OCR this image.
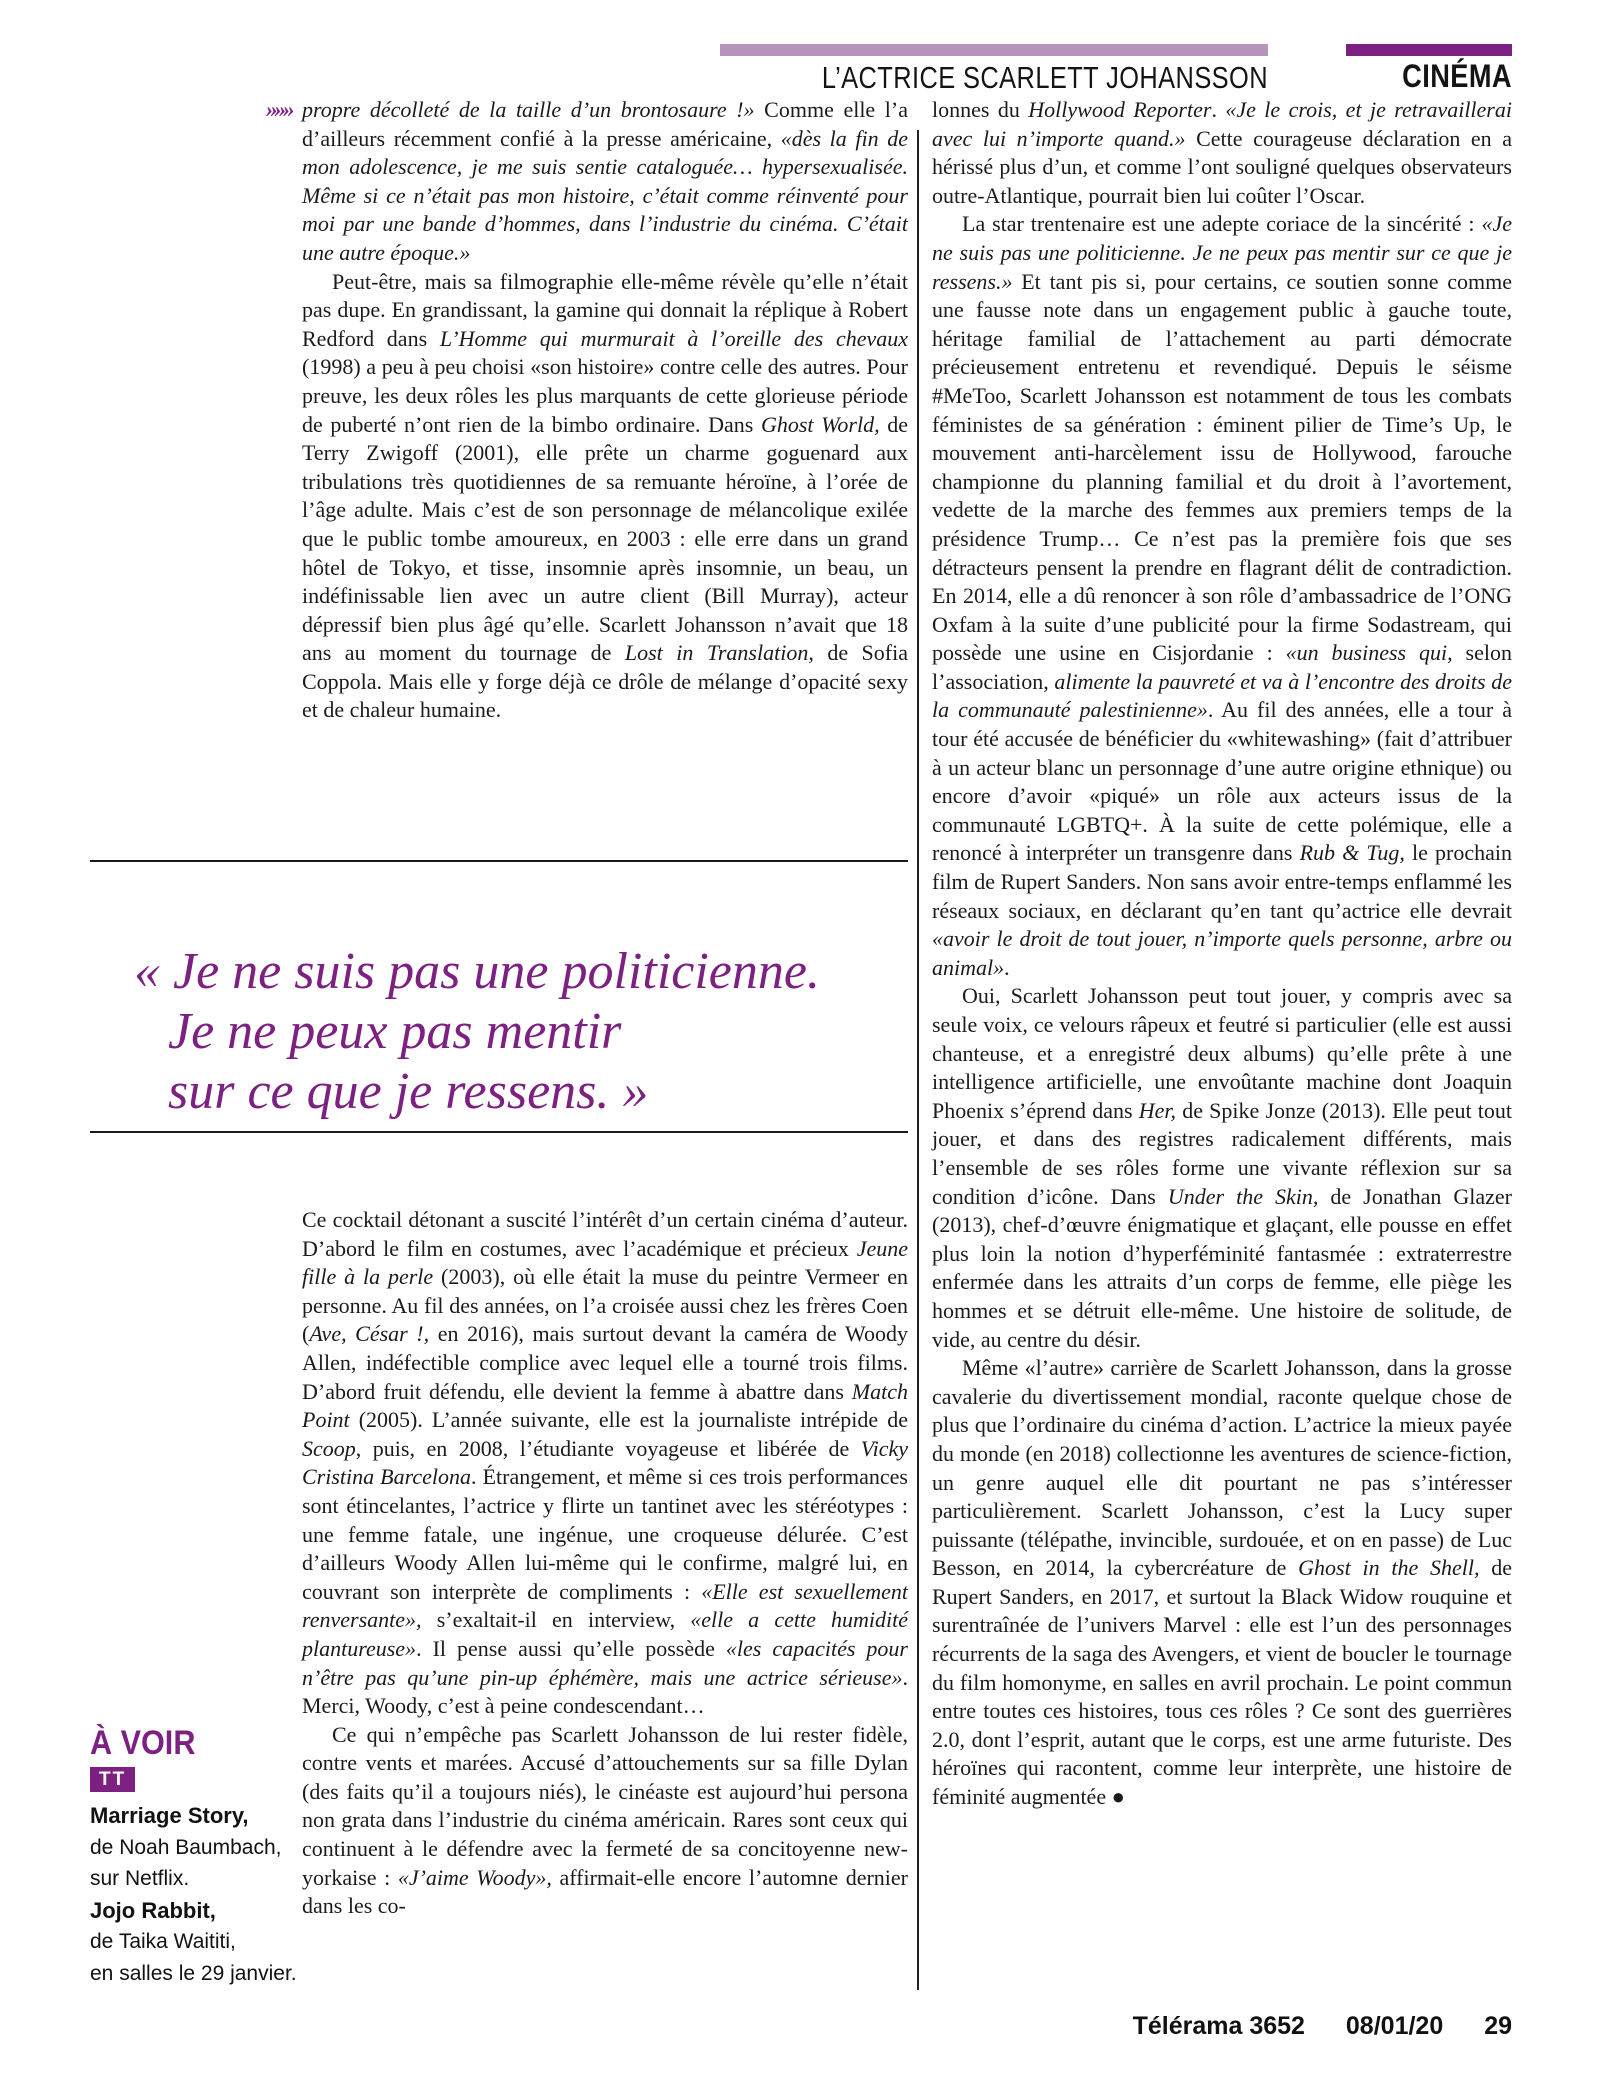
L’ACTRICE SCARLETT JOHANSSON	CINÉMA

»»» propre décolleté de la taille d’un brontosaure !» Comme elle l’a d’ailleurs récemment confié à la presse américaine, «dès la fin de mon adolescence, je me suis sentie cataloguée… hypersexualisée. Même si ce n’était pas mon histoire, c’était comme réinventé pour moi par une bande d’hommes, dans l’industrie du cinéma. C’était une autre époque.»

Peut-être, mais sa filmographie elle-même révèle qu’elle n’était pas dupe. En grandissant, la gamine qui donnait la réplique à Robert Redford dans L’Homme qui murmurait à l’oreille des chevaux (1998) a peu à peu choisi «son histoire» contre celle des autres. Pour preuve, les deux rôles les plus marquants de cette glorieuse période de puberté n’ont rien de la bimbo ordinaire. Dans Ghost World, de Terry Zwigoff (2001), elle prête un charme goguenard aux tribulations très quotidiennes de sa remuante héroïne, à l’orée de l’âge adulte. Mais c’est de son personnage de mélancolique exilée que le public tombe amoureux, en 2003 : elle erre dans un grand hôtel de Tokyo, et tisse, insomnie après insomnie, un beau, un indéfinissable lien avec un autre client (Bill Murray), acteur dépressif bien plus âgé qu’elle. Scarlett Johansson n’avait que 18 ans au moment du tournage de Lost in Translation, de Sofia Coppola. Mais elle y forge déjà ce drôle de mélange d’opacité sexy et de chaleur humaine.

« Je ne suis pas une politicienne.
Je ne peux pas mentir
sur ce que je ressens. »

Ce cocktail détonant a suscité l’intérêt d’un certain cinéma d’auteur. D’abord le film en costumes, avec l’académique et précieux Jeune fille à la perle (2003), où elle était la muse du peintre Vermeer en personne. Au fil des années, on l’a croisée aussi chez les frères Coen (Ave, César !, en 2016), mais surtout devant la caméra de Woody Allen, indéfectible complice avec lequel elle a tourné trois films. D’abord fruit défendu, elle devient la femme à abattre dans Match Point (2005). L’année suivante, elle est la journaliste intrépide de Scoop, puis, en 2008, l’étudiante voyageuse et libérée de Vicky Cristina Barcelona. Étrangement, et même si ces trois performances sont étincelantes, l’actrice y flirte un tantinet avec les stéréotypes : une femme fatale, une ingénue, une croqueuse délurée. C’est d’ailleurs Woody Allen lui-même qui le confirme, malgré lui, en couvrant son interprète de compliments : «Elle est sexuellement renversante», s’exaltait-il en interview, «elle a cette humidité plantureuse». Il pense aussi qu’elle possède «les capacités pour n’être pas qu’une pin-up éphémère, mais une actrice sérieuse». Merci, Woody, c’est à peine condescendant…

Ce qui n’empêche pas Scarlett Johansson de lui rester fidèle, contre vents et marées. Accusé d’attouchements sur sa fille Dylan (des faits qu’il a toujours niés), le cinéaste est aujourd’hui persona non grata dans l’industrie du cinéma américain. Rares sont ceux qui continuent à le défendre avec la fermeté de sa concitoyenne new-yorkaise : «J’aime Woody», affirmait-elle encore l’automne dernier dans les co-

lonnes du Hollywood Reporter. «Je le crois, et je retravaillerai avec lui n’importe quand.» Cette courageuse déclaration en a hérissé plus d’un, et comme l’ont souligné quelques observateurs outre-Atlantique, pourrait bien lui coûter l’Oscar.

La star trentenaire est une adepte coriace de la sincérité : «Je ne suis pas une politicienne. Je ne peux pas mentir sur ce que je ressens.» Et tant pis si, pour certains, ce soutien sonne comme une fausse note dans un engagement public à gauche toute, héritage familial de l’attachement au parti démocrate précieusement entretenu et revendiqué. Depuis le séisme #MeToo, Scarlett Johansson est notamment de tous les combats féministes de sa génération : éminent pilier de Time’s Up, le mouvement anti-harcèlement issu de Hollywood, farouche championne du planning familial et du droit à l’avortement, vedette de la marche des femmes aux premiers temps de la présidence Trump… Ce n’est pas la première fois que ses détracteurs pensent la prendre en flagrant délit de contradiction. En 2014, elle a dû renoncer à son rôle d’ambassadrice de l’ONG Oxfam à la suite d’une publicité pour la firme Sodastream, qui possède une usine en Cisjordanie : «un business qui, selon l’association, alimente la pauvreté et va à l’encontre des droits de la communauté palestinienne». Au fil des années, elle a tour à tour été accusée de bénéficier du «whitewashing» (fait d’attribuer à un acteur blanc un personnage d’une autre origine ethnique) ou encore d’avoir «piqué» un rôle aux acteurs issus de la communauté LGBTQ+. À la suite de cette polémique, elle a renoncé à interpréter un transgenre dans Rub & Tug, le prochain film de Rupert Sanders. Non sans avoir entre-temps enflammé les réseaux sociaux, en déclarant qu’en tant qu’actrice elle devrait «avoir le droit de tout jouer, n’importe quels personne, arbre ou animal».

Oui, Scarlett Johansson peut tout jouer, y compris avec sa seule voix, ce velours râpeux et feutré si particulier (elle est aussi chanteuse, et a enregistré deux albums) qu’elle prête à une intelligence artificielle, une envoûtante machine dont Joaquin Phoenix s’éprend dans Her, de Spike Jonze (2013). Elle peut tout jouer, et dans des registres radicalement différents, mais l’ensemble de ses rôles forme une vivante réflexion sur sa condition d’icône. Dans Under the Skin, de Jonathan Glazer (2013), chef-d’œuvre énigmatique et glaçant, elle pousse en effet plus loin la notion d’hyperféminité fantasmée : extraterrestre enfermée dans les attraits d’un corps de femme, elle piège les hommes et se détruit elle-même. Une histoire de solitude, de vide, au centre du désir.

Même «l’autre» carrière de Scarlett Johansson, dans la grosse cavalerie du divertissement mondial, raconte quelque chose de plus que l’ordinaire du cinéma d’action. L’actrice la mieux payée du monde (en 2018) collectionne les aventures de science-fiction, un genre auquel elle dit pourtant ne pas s’intéresser particulièrement. Scarlett Johansson, c’est la Lucy super puissante (télépathe, invincible, surdouée, et on en passe) de Luc Besson, en 2014, la cybercréature de Ghost in the Shell, de Rupert Sanders, en 2017, et surtout la Black Widow rouquine et surentraînée de l’univers Marvel : elle est l’un des personnages récurrents de la saga des Avengers, et vient de boucler le tournage du film homonyme, en salles en avril prochain. Le point commun entre toutes ces histoires, tous ces rôles ? Ce sont des guerrières 2.0, dont l’esprit, autant que le corps, est une arme futuriste. Des héroïnes qui racontent, comme leur interprète, une histoire de féminité augmentée ●

À VOIR
TT
Marriage Story,
de Noah Baumbach,
sur Netflix.
Jojo Rabbit,
de Taika Waititi,
en salles le 29 janvier.
Télérama 3652 08/01/20 29
